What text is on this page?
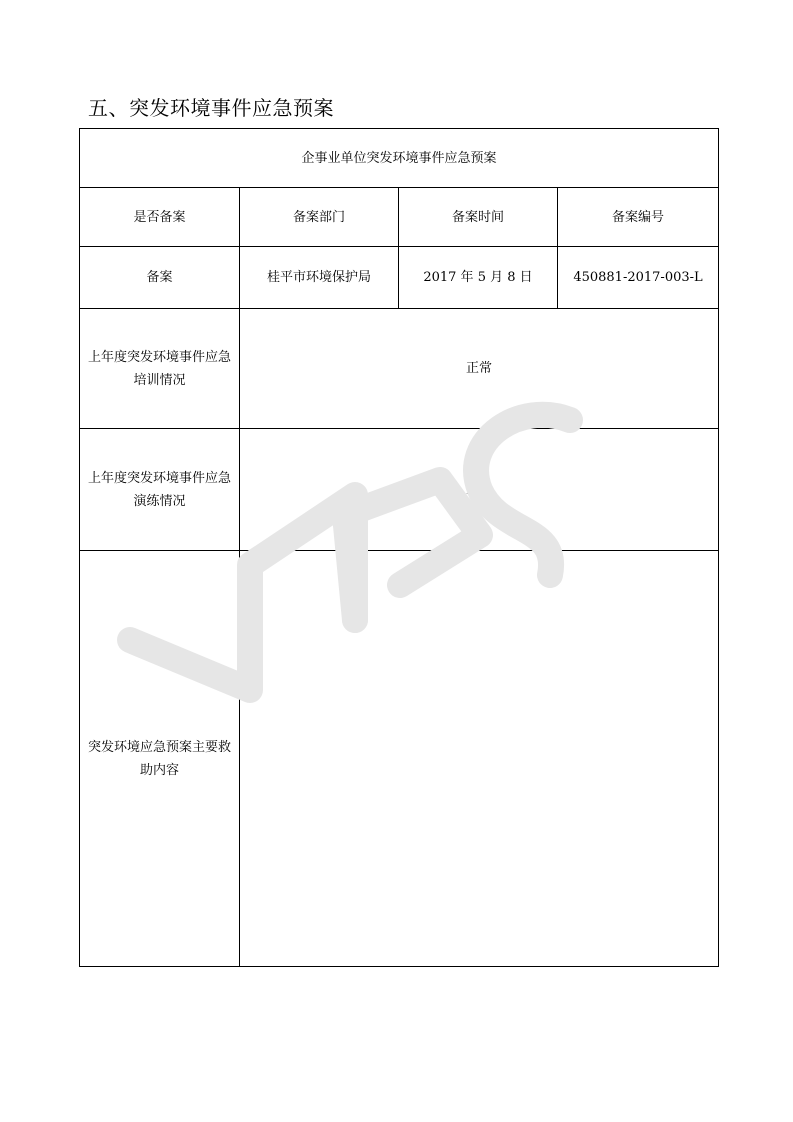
五、突发环境事件应急预案
企事业单位突发环境事件应急预案			
是否备案	备案部门	备案时间	备案编号
备案	桂平市环境保护局	2017 年 5 月 8 日	450881-2017-003-L
上年度突发环境事件应急培训情况	正常		
上年度突发环境事件应急演练情况	正常		
突发环境应急预案主要救助内容			
